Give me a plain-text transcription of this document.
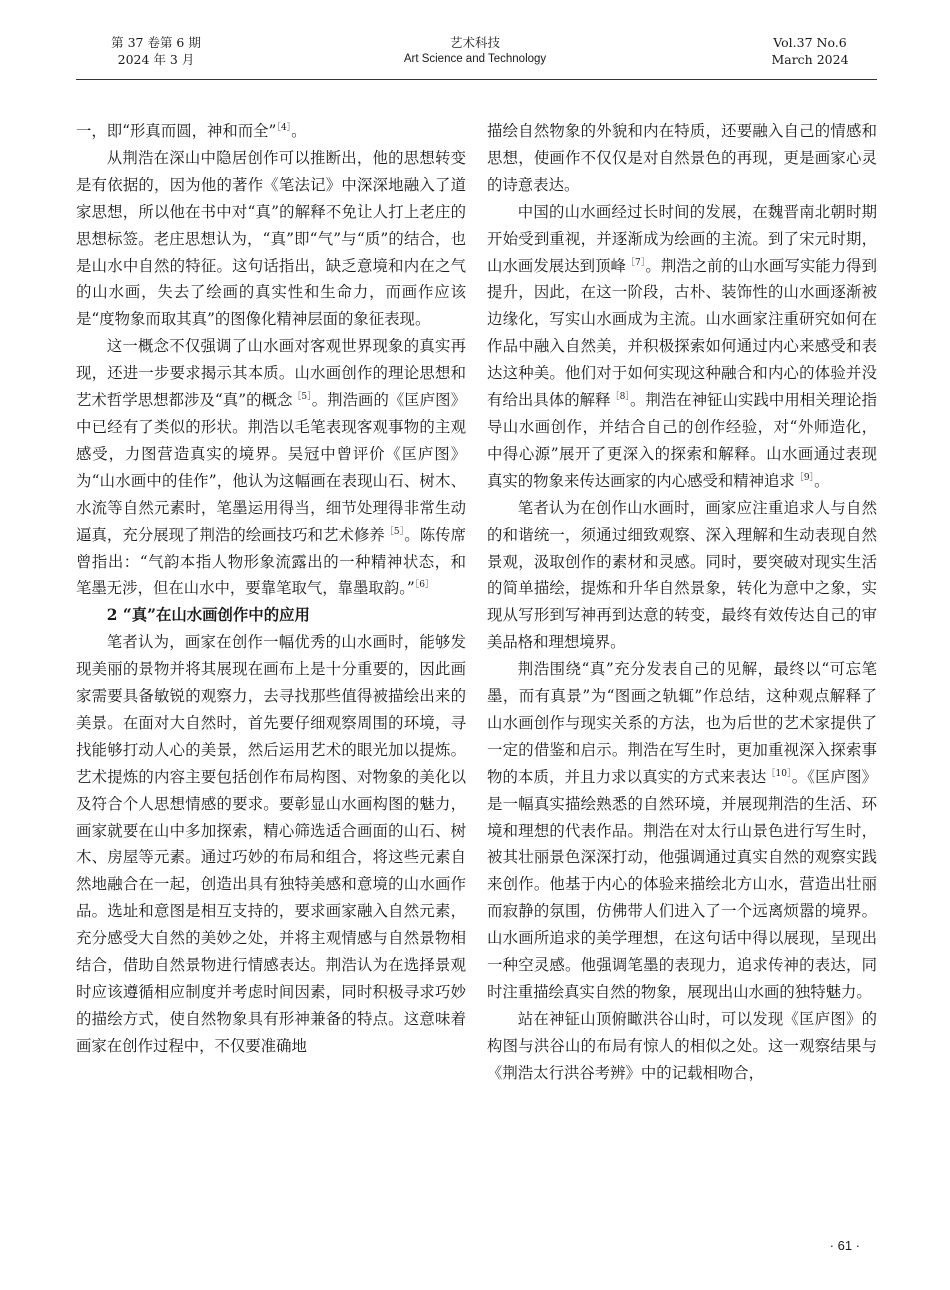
第 37 卷第 6 期
2024 年 3 月
艺术科技
Art Science and Technology
Vol.37 No.6
March 2024

一，即“形真而圆，神和而全”$^{[4]}$。

从荆浩在深山中隐居创作可以推断出，他的思想转变是有依据的，因为他的著作《笔法记》中深深地融入了道家思想，所以他在书中对“真”的解释不免让人打上老庄的思想标签。老庄思想认为，“真”即“气”与“质”的结合，也是山水中自然的特征。这句话指出，缺乏意境和内在之气的山水画，失去了绘画的真实性和生命力，而画作应该是“度物象而取其真”的图像化精神层面的象征表现。

这一概念不仅强调了山水画对客观世界现象的真实再现，还进一步要求揭示其本质。山水画创作的理论思想和艺术哲学思想都涉及“真”的概念$^{[5]}$。荆浩画的《匡庐图》中已经有了类似的形状。荆浩以毛笔表现客观事物的主观感受，力图营造真实的境界。吴冠中曾评价《匡庐图》为“山水画中的佳作”，他认为这幅画在表现山石、树木、水流等自然元素时，笔墨运用得当，细节处理得非常生动逼真，充分展现了荆浩的绘画技巧和艺术修养$^{[5]}$。陈传席曾指出：“气韵本指人物形象流露出的一种精神状态，和笔墨无涉，但在山水中，要靠笔取气，靠墨取韵。”$^{[6]}$

2 “真”在山水画创作中的应用

笔者认为，画家在创作一幅优秀的山水画时，能够发现美丽的景物并将其展现在画布上是十分重要的，因此画家需要具备敏锐的观察力，去寻找那些值得被描绘出来的美景。在面对大自然时，首先要仔细观察周围的环境，寻找能够打动人心的美景，然后运用艺术的眼光加以提炼。艺术提炼的内容主要包括创作布局构图、对物象的美化以及符合个人思想情感的要求。要彰显山水画构图的魅力，画家就要在山中多加探索，精心筛选适合画面的山石、树木、房屋等元素。通过巧妙的布局和组合，将这些元素自然地融合在一起，创造出具有独特美感和意境的山水画作品。选址和意图是相互支持的，要求画家融入自然元素，充分感受大自然的美妙之处，并将主观情感与自然景物相结合，借助自然景物进行情感表达。荆浩认为在选择景观时应该遵循相应制度并考虑时间因素，同时积极寻求巧妙的描绘方式，使自然物象具有形神兼备的特点。这意味着画家在创作过程中，不仅要准确地

描绘自然物象的外貌和内在特质，还要融入自己的情感和思想，使画作不仅仅是对自然景色的再现，更是画家心灵的诗意表达。

中国的山水画经过长时间的发展，在魏晋南北朝时期开始受到重视，并逐渐成为绘画的主流。到了宋元时期，山水画发展达到顶峰$^{[7]}$。荆浩之前的山水画写实能力得到提升，因此，在这一阶段，古朴、装饰性的山水画逐渐被边缘化，写实山水画成为主流。山水画家注重研究如何在作品中融入自然美，并积极探索如何通过内心来感受和表达这种美。他们对于如何实现这种融合和内心的体验并没有给出具体的解释$^{[8]}$。荆浩在神钲山实践中用相关理论指导山水画创作，并结合自己的创作经验，对“外师造化，中得心源”展开了更深入的探索和解释。山水画通过表现真实的物象来传达画家的内心感受和精神追求$^{[9]}$。

笔者认为在创作山水画时，画家应注重追求人与自然的和谐统一，须通过细致观察、深入理解和生动表现自然景观，汲取创作的素材和灵感。同时，要突破对现实生活的简单描绘，提炼和升华自然景象，转化为意中之象，实现从写形到写神再到达意的转变，最终有效传达自己的审美品格和理想境界。

荆浩围绕“真”充分发表自己的见解，最终以“可忘笔墨，而有真景”为“图画之轨辄”作总结，这种观点解释了山水画创作与现实关系的方法，也为后世的艺术家提供了一定的借鉴和启示。荆浩在写生时，更加重视深入探索事物的本质，并且力求以真实的方式来表达$^{[10]}$。《匡庐图》是一幅真实描绘熟悉的自然环境，并展现荆浩的生活、环境和理想的代表作品。荆浩在对太行山景色进行写生时，被其壮丽景色深深打动，他强调通过真实自然的观察实践来创作。他基于内心的体验来描绘北方山水，营造出壮丽而寂静的氛围，仿佛带人们进入了一个远离烦嚣的境界。山水画所追求的美学理想，在这句话中得以展现，呈现出一种空灵感。他强调笔墨的表现力，追求传神的表达，同时注重描绘真实自然的物象，展现出山水画的独特魅力。

站在神钲山顶俯瞰洪谷山时，可以发现《匡庐图》的构图与洪谷山的布局有惊人的相似之处。这一观察结果与《荆浩太行洪谷考辨》中的记载相吻合，

· 61 ·
